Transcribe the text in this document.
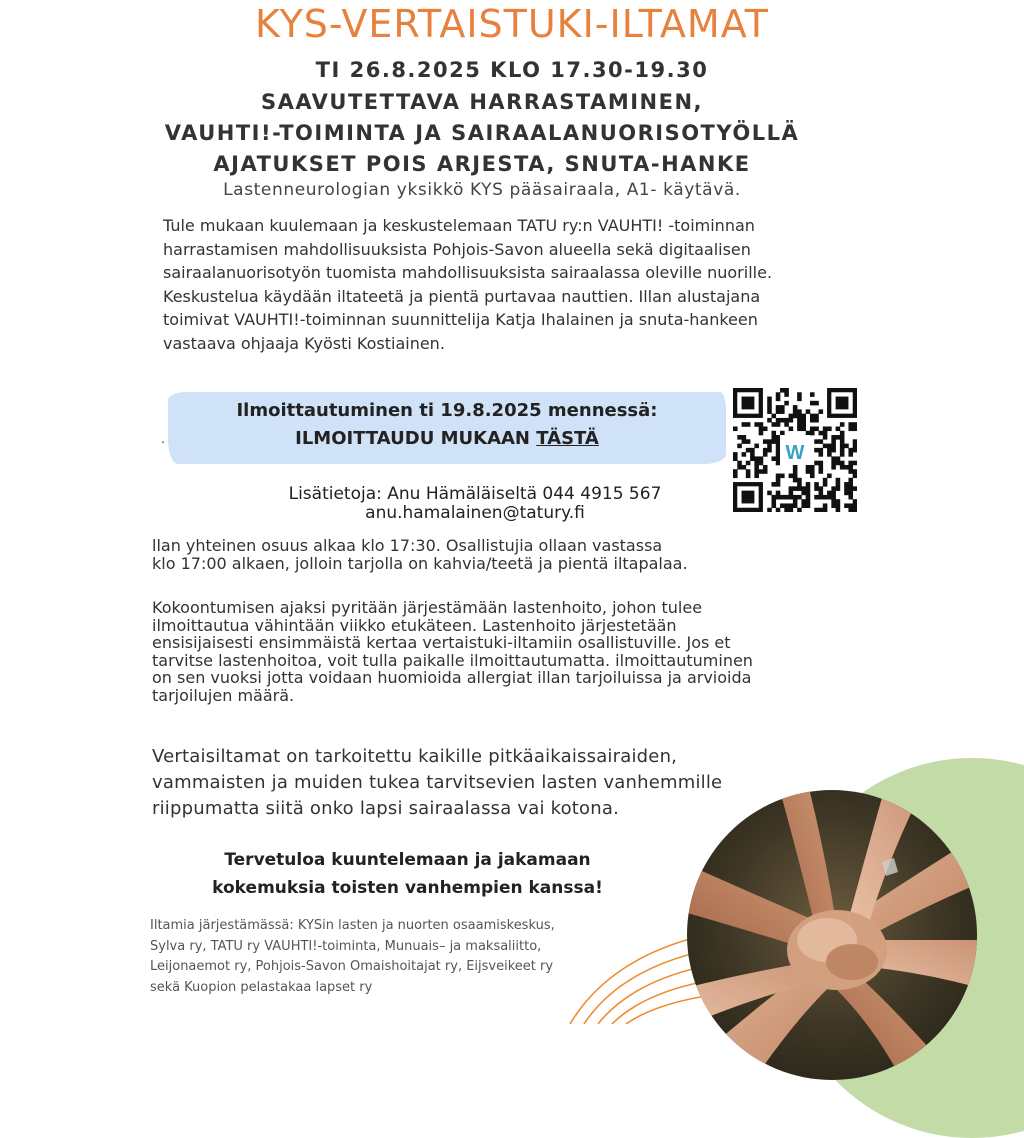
KYS-VERTAISTUKI-ILTAMAT
TI 26.8.2025 KLO 17.30-19.30
SAAVUTETTAVA HARRASTAMINEN,
VAUHTI!-TOIMINTA JA SAIRAALANUORISOTYÖLLÄ
AJATUKSET POIS ARJESTA, SNUTA-HANKE
Lastenneurologian yksikkö KYS pääsairaala, A1- käytävä.
Tule mukaan kuulemaan ja keskustelemaan TATU ry:n VAUHTI! -toiminnan harrastamisen mahdollisuuksista Pohjois-Savon alueella sekä digitaalisen sairaalanuorisotyön tuomista mahdollisuuksista sairaalassa oleville nuorille. Keskustelua käydään iltateetä ja pientä purtavaa nauttien. Illan alustajana toimivat VAUHTI!-toiminnan suunnittelija Katja Ihalainen ja snuta-hankeen vastaava ohjaaja Kyösti Kostiainen.
.
Ilmoittautuminen ti 19.8.2025 mennessä:
ILMOITTAUDU MUKAAN TÄSTÄ
W
Lisätietoja: Anu Hämäläiseltä 044 4915 567
anu.hamalainen@tatury.fi
llan yhteinen osuus alkaa klo 17:30. Osallistujia ollaan vastassa
klo 17:00 alkaen, jolloin tarjolla on kahvia/teetä ja pientä iltapalaa.
Kokoontumisen ajaksi pyritään järjestämään lastenhoito, johon tulee
ilmoittautua vähintään viikko etukäteen. Lastenhoito järjestetään
ensisijaisesti ensimmäistä kertaa vertaistuki-iltamiin osallistuville. Jos et
tarvitse lastenhoitoa, voit tulla paikalle ilmoittautumatta. ilmoittautuminen
on sen vuoksi jotta voidaan huomioida allergiat illan tarjoiluissa ja arvioida
tarjoilujen määrä.
Vertaisiltamat on tarkoitettu kaikille pitkäaikaissairaiden,
vammaisten ja muiden tukea tarvitsevien lasten vanhemmille
riippumatta siitä onko lapsi sairaalassa vai kotona.
Tervetuloa kuuntelemaan ja jakamaan
kokemuksia toisten vanhempien kanssa!
Iltamia järjestämässä: KYSin lasten ja nuorten osaamiskeskus,
Sylva ry, TATU ry VAUHTI!-toiminta, Munuais– ja maksaliitto,
Leijonaemot ry, Pohjois-Savon Omaishoitajat ry, Eijsveikeet ry
sekä Kuopion pelastakaa lapset ry
